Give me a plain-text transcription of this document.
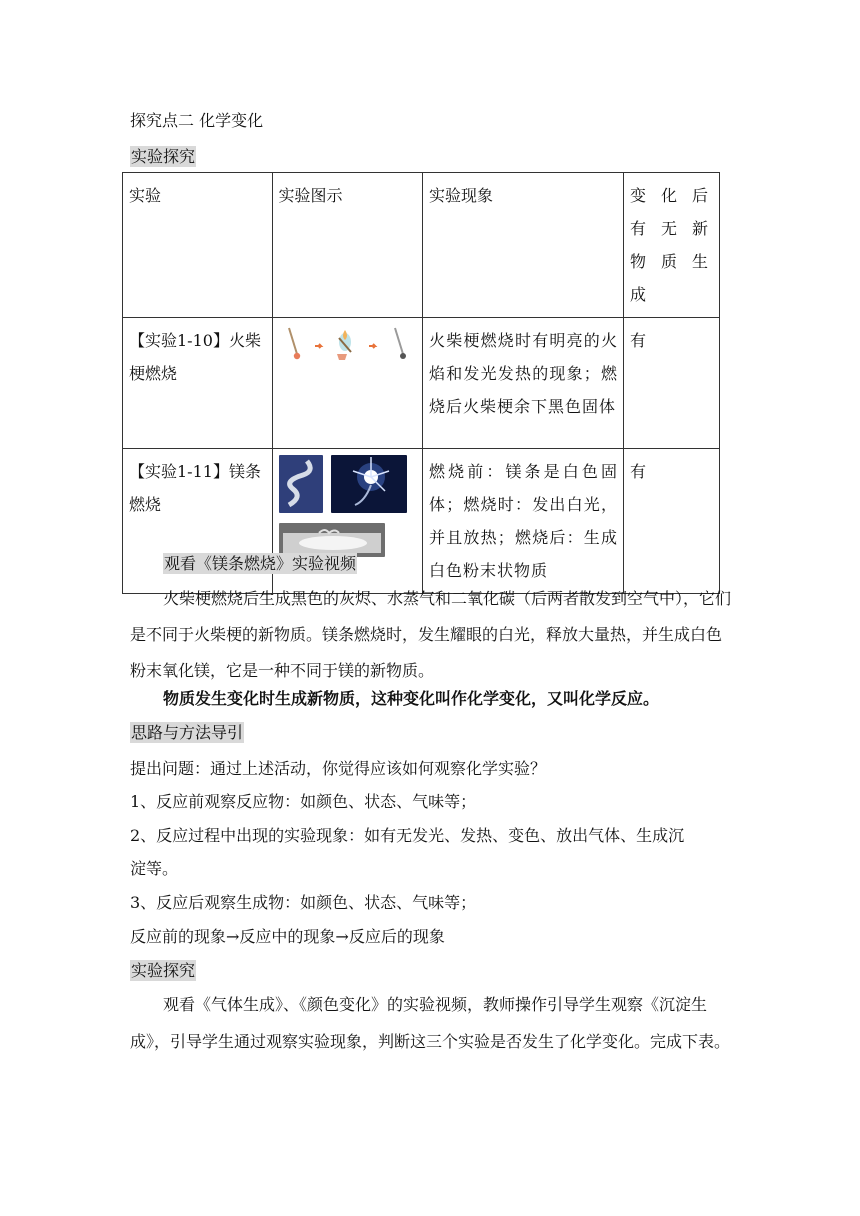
探究点二 化学变化
实验探究
实验	实验图示	实验现象	变化后有无新物质生成
【实验1-10】火柴梗燃烧		火柴梗燃烧时有明亮的火焰和发光发热的现象；燃烧后火柴梗余下黑色固体	有
【实验1-11】镁条燃烧		燃烧前：镁条是白色固体；燃烧时：发出白光，并且放热；燃烧后：生成白色粉末状物质	有
观看《镁条燃烧》实验视频

火柴梗燃烧后生成黑色的灰烬、水蒸气和二氧化碳（后两者散发到空气中），它们是不同于火柴梗的新物质。镁条燃烧时，发生耀眼的白光，释放大量热，并生成白色粉末氧化镁，它是一种不同于镁的新物质。

物质发生变化时生成新物质，这种变化叫作化学变化，又叫化学反应。
思路与方法导引
提出问题：通过上述活动，你觉得应该如何观察化学实验？
1、反应前观察反应物：如颜色、状态、气味等；
2、反应过程中出现的实验现象：如有无发光、发热、变色、放出气体、生成沉
淀等。
3、反应后观察生成物：如颜色、状态、气味等；
反应前的现象→反应中的现象→反应后的现象
实验探究

观看《气体生成》、《颜色变化》的实验视频，教师操作引导学生观察《沉淀生成》，引导学生通过观察实验现象，判断这三个实验是否发生了化学变化。完成下表。
